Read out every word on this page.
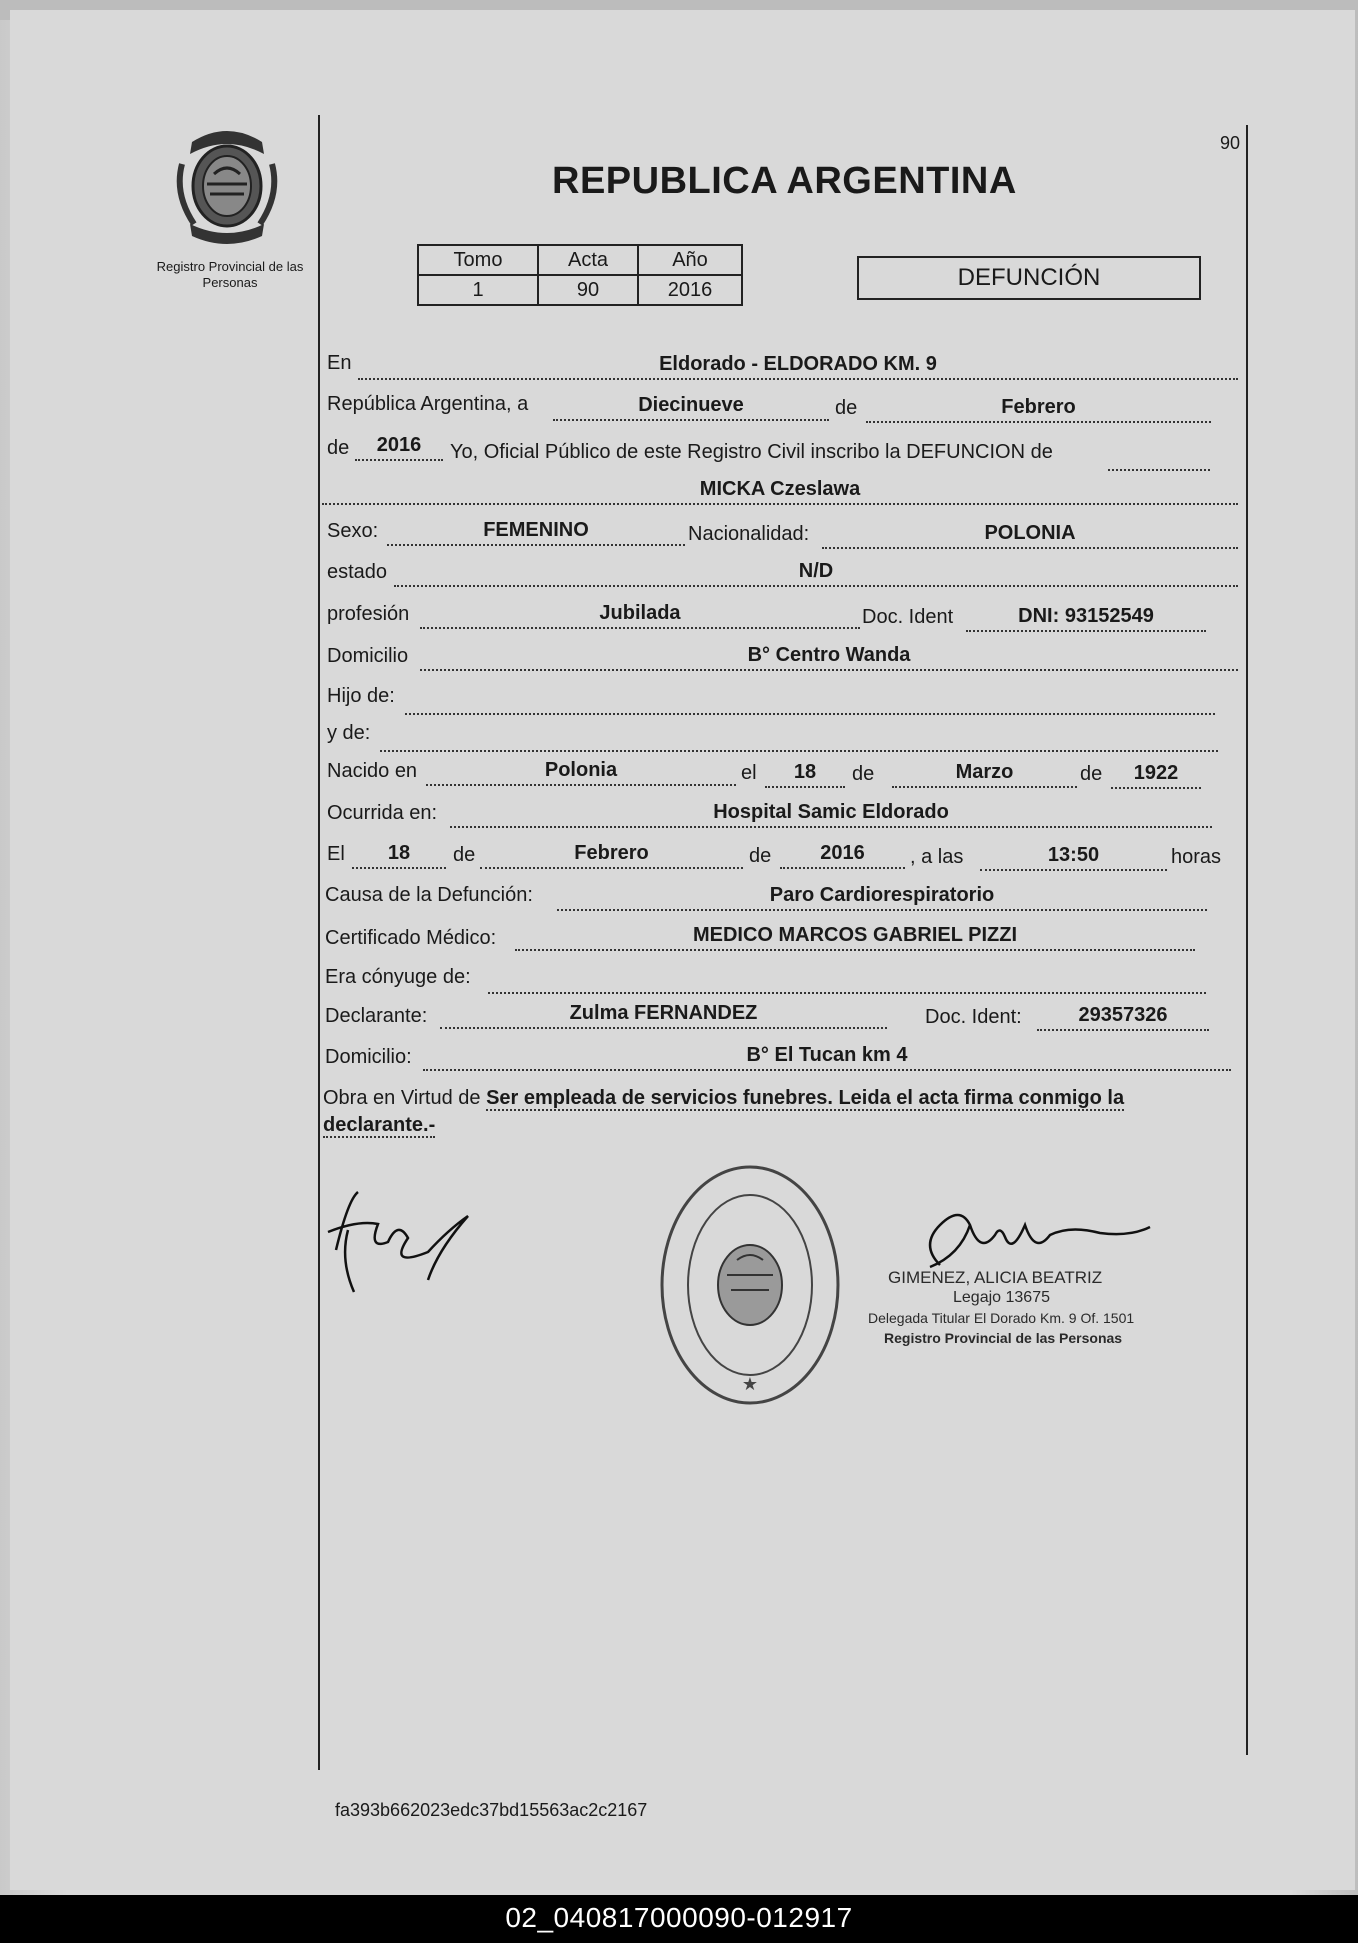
90
Registro Provincial de las Personas
REPUBLICA ARGENTINA
Tomo	Acta	Año
1	90	2016	DEFUNCIÓN
En	Eldorado - ELDORADO KM. 9
República Argentina, a	Diecinueve	de	Febrero
de	2016	Yo, Oficial Público de este Registro Civil inscribo la DEFUNCION de
MICKA Czeslawa
Sexo:	FEMENINO	Nacionalidad:	POLONIA
estado	N/D
profesión	Jubilada	Doc. Ident	DNI: 93152549
Domicilio	B° Centro Wanda
Hijo de:
y de:
Nacido en	Polonia	el	18	de	Marzo	de	1922
Ocurrida en:	Hospital Samic Eldorado
El	18	de	Febrero	de	2016	, a las	13:50	horas
Causa de la Defunción:	Paro Cardiorespiratorio
Certificado Médico:	MEDICO MARCOS GABRIEL PIZZI
Era cónyuge de:
Declarante:	Zulma FERNANDEZ	Doc. Ident:	29357326
Domicilio:	B° El Tucan km 4
Obra en Virtud de Ser empleada de servicios funebres. Leida el acta firma conmigo la declarante.-
★
GIMENEZ, ALICIA BEATRIZ
Legajo 13675
Delegada Titular El Dorado Km. 9 Of. 1501
Registro Provincial de las Personas
fa393b662023edc37bd15563ac2c2167
02_040817000090-012917
